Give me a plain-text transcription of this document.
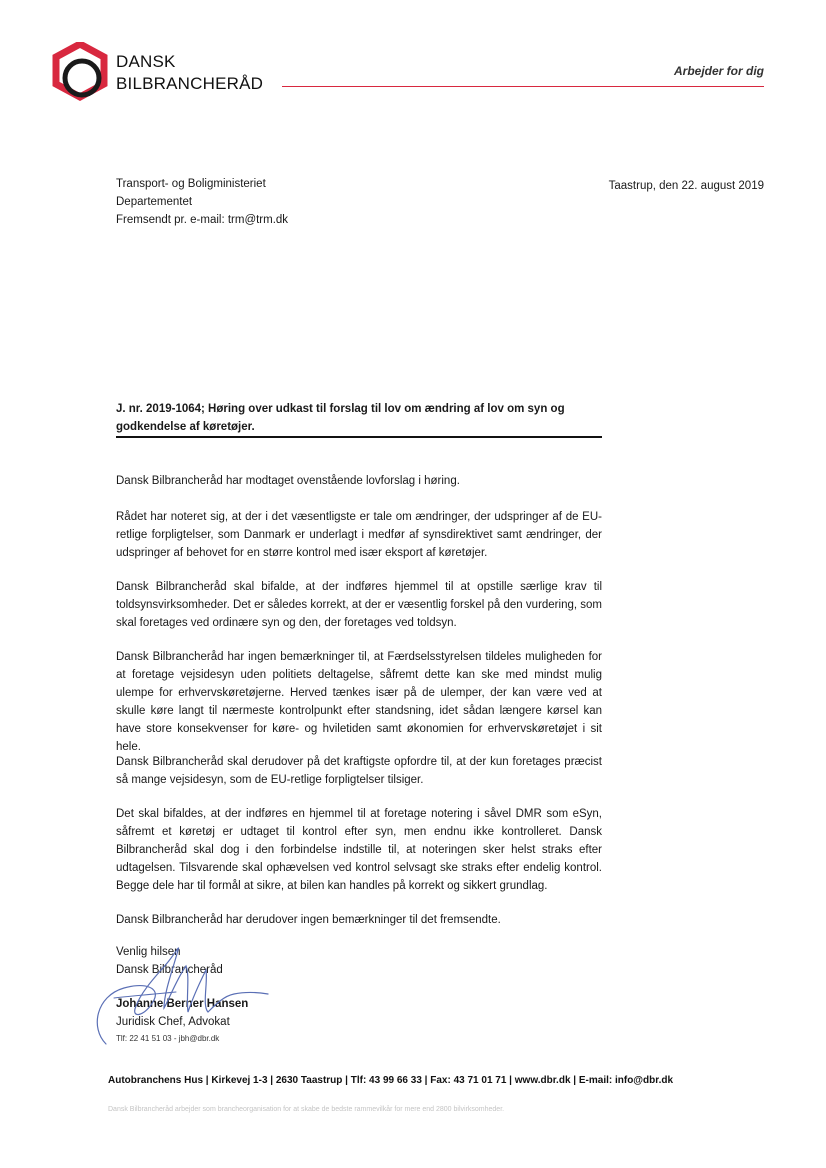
DANSK
BILBRANCHERÅD
Arbejder for dig
Transport- og Boligministeriet
Departementet
Fremsendt pr. e-mail: trm@trm.dk
Taastrup, den 22. august 2019
J. nr. 2019-1064; Høring over udkast til forslag til lov om ændring af lov om syn og godkendelse af køretøjer.
Dansk Bilbrancheråd har modtaget ovenstående lovforslag i høring.
Rådet har noteret sig, at der i det væsentligste er tale om ændringer, der udspringer af de EU-retlige forpligtelser, som Danmark er underlagt i medfør af synsdirektivet samt ændringer, der udspringer af behovet for en større kontrol med især eksport af køretøjer.
Dansk Bilbrancheråd skal bifalde, at der indføres hjemmel til at opstille særlige krav til toldsynsvirksomheder. Det er således korrekt, at der er væsentlig forskel på den vurdering, som skal foretages ved ordinære syn og den, der foretages ved toldsyn.
Dansk Bilbrancheråd har ingen bemærkninger til, at Færdselsstyrelsen tildeles muligheden for at foretage vejsidesyn uden politiets deltagelse, såfremt dette kan ske med mindst mulig ulempe for erhvervskøretøjerne. Herved tænkes især på de ulemper, der kan være ved at skulle køre langt til nærmeste kontrolpunkt efter standsning, idet sådan længere kørsel kan have store konsekvenser for køre- og hviletiden samt økonomien for erhvervskøretøjet i sit hele.
Dansk Bilbrancheråd skal derudover på det kraftigste opfordre til, at der kun foretages præcist så mange vejsidesyn, som de EU-retlige forpligtelser tilsiger.
Det skal bifaldes, at der indføres en hjemmel til at foretage notering i såvel DMR som eSyn, såfremt et køretøj er udtaget til kontrol efter syn, men endnu ikke kontrolleret. Dansk Bilbrancheråd skal dog i den forbindelse indstille til, at noteringen sker helst straks efter udtagelsen. Tilsvarende skal ophævelsen ved kontrol selvsagt ske straks efter endelig kontrol. Begge dele har til formål at sikre, at bilen kan handles på korrekt og sikkert grundlag.
Dansk Bilbrancheråd har derudover ingen bemærkninger til det fremsendte.
Venlig hilsen
Dansk Bilbrancheråd
Johanne Berner Hansen
Juridisk Chef, Advokat
Tlf: 22 41 51 03 - jbh@dbr.dk
Autobranchens Hus | Kirkevej 1-3 | 2630 Taastrup | Tlf: 43 99 66 33 | Fax: 43 71 01 71 | www.dbr.dk | E-mail: info@dbr.dk
Dansk Bilbrancheråd arbejder som brancheorganisation for at skabe de bedste rammevilkår for mere end 2800 bilvirksomheder.
